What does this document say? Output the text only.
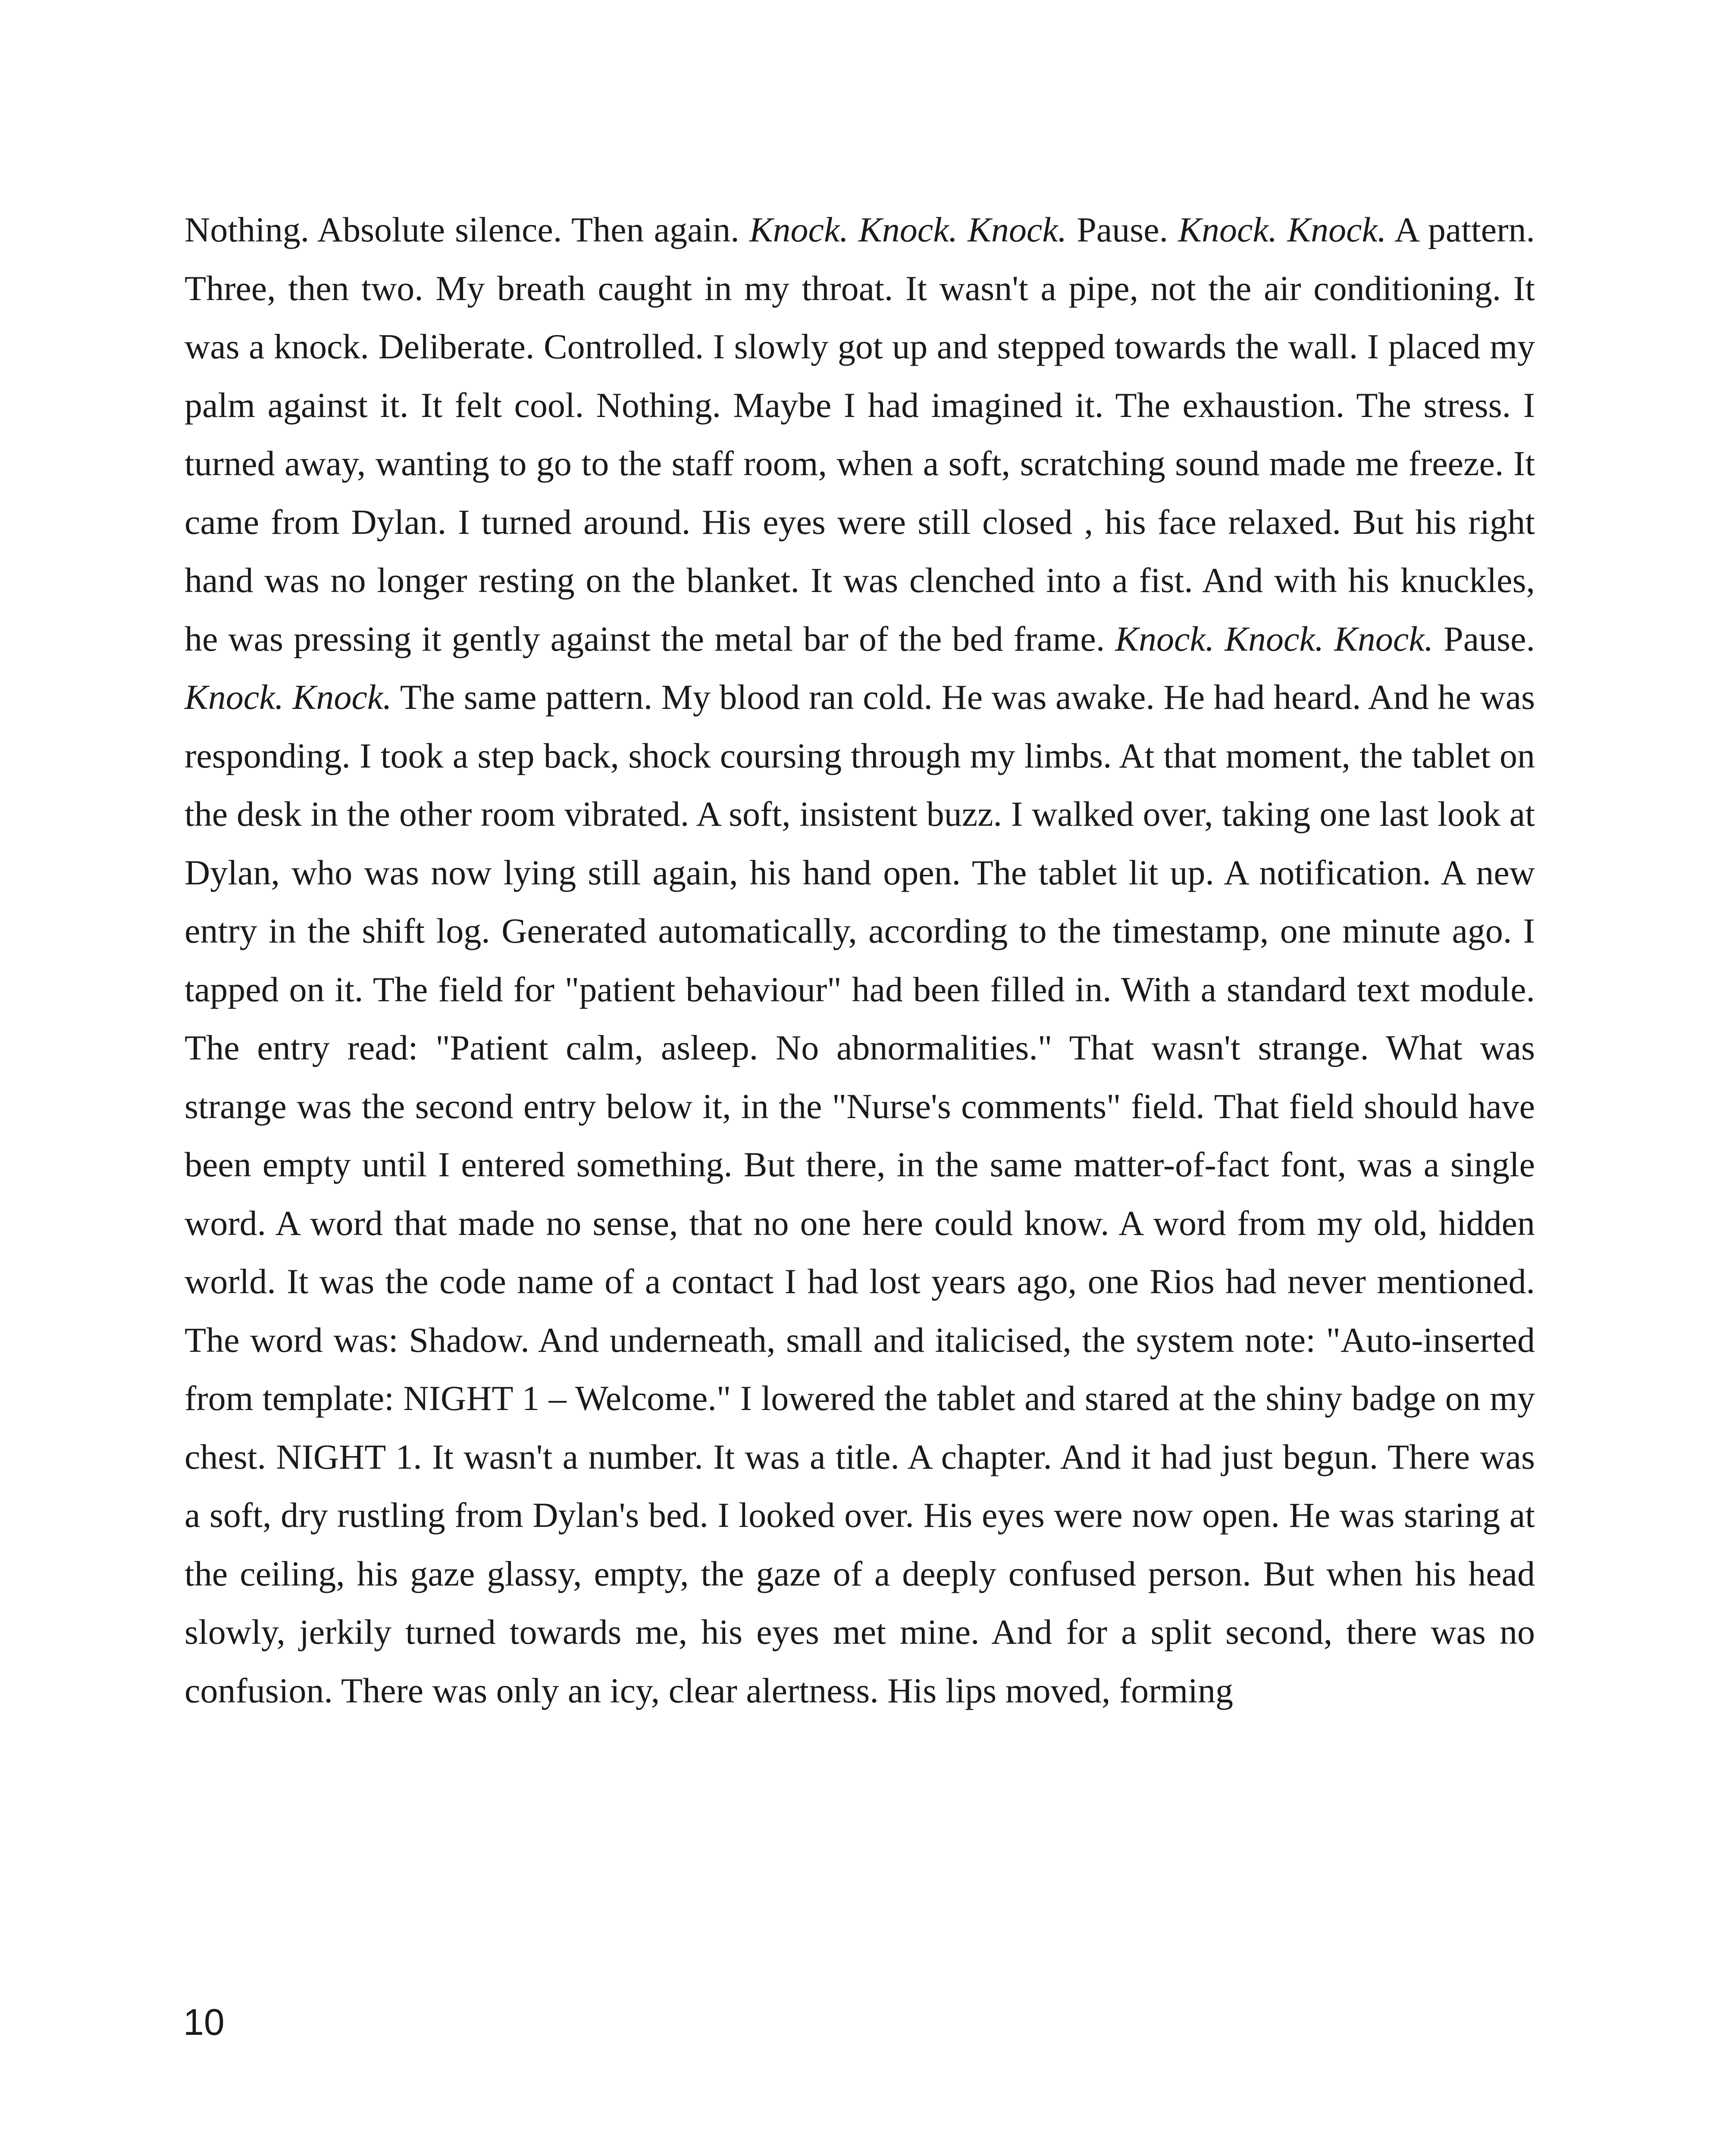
Nothing. Absolute silence. Then again. Knock. Knock. Knock. Pause. Knock. Knock. A pattern. Three, then two. My breath caught in my throat. It wasn't a pipe, not the air conditioning. It was a knock. Deliberate. Controlled. I slowly got up and stepped towards the wall. I placed my palm against it. It felt cool. Nothing. Maybe I had imagined it. The exhaustion. The stress. I turned away, wanting to go to the staff room, when a soft, scratching sound made me freeze. It came from Dylan. I turned around. His eyes were still closed , his face relaxed. But his right hand was no longer resting on the blanket. It was clenched into a fist. And with his knuckles, he was pressing it gently against the metal bar of the bed frame. Knock. Knock. Knock. Pause. Knock. Knock. The same pattern. My blood ran cold. He was awake. He had heard. And he was responding. I took a step back, shock coursing through my limbs. At that moment, the tablet on the desk in the other room vibrated. A soft, insistent buzz. I walked over, taking one last look at Dylan, who was now lying still again, his hand open. The tablet lit up. A notification. A new entry in the shift log. Generated automatically, according to the timestamp, one minute ago. I tapped on it. The field for "patient behaviour" had been filled in. With a standard text module. The entry read: "Patient calm, asleep. No abnormalities." That wasn't strange. What was strange was the second entry below it, in the "Nurse's comments" field. That field should have been empty until I entered something. But there, in the same matter-of-fact font, was a single word. A word that made no sense, that no one here could know. A word from my old, hidden world. It was the code name of a contact I had lost years ago, one Rios had never mentioned. The word was: Shadow. And underneath, small and italicised, the system note: "Auto-inserted from template: NIGHT 1 – Welcome." I lowered the tablet and stared at the shiny badge on my chest. NIGHT 1. It wasn't a number. It was a title. A chapter. And it had just begun. There was a soft, dry rustling from Dylan's bed. I looked over. His eyes were now open. He was staring at the ceiling, his gaze glassy, empty, the gaze of a deeply confused person. But when his head slowly, jerkily turned towards me, his eyes met mine. And for a split second, there was no confusion. There was only an icy, clear alertness. His lips moved, forming

10
